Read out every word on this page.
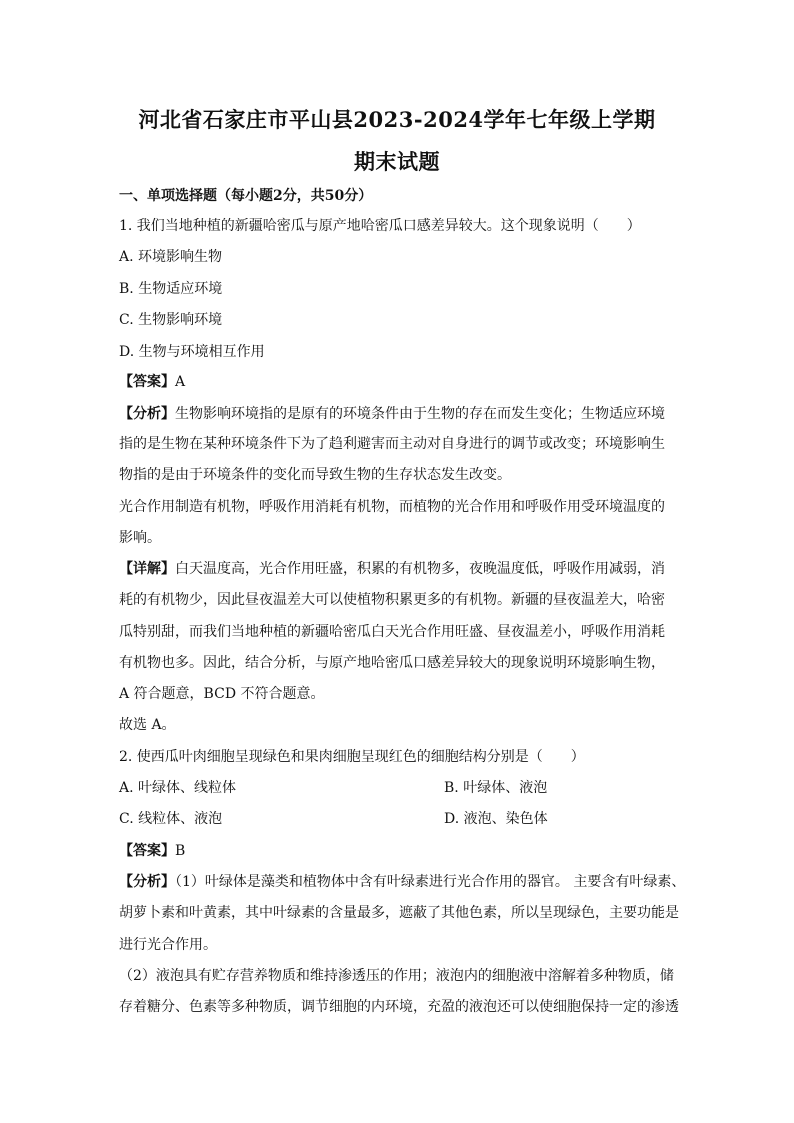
河北省石家庄市平山县2023-2024学年七年级上学期
期末试题
一、单项选择题（每小题2分，共50分）
1. 我们当地种植的新疆哈密瓜与原产地哈密瓜口感差异较大。这个现象说明（　　）
A. 环境影响生物
B. 生物适应环境
C. 生物影响环境
D. 生物与环境相互作用
【答案】A
【分析】生物影响环境指的是原有的环境条件由于生物的存在而发生变化；生物适应环境
指的是生物在某种环境条件下为了趋利避害而主动对自身进行的调节或改变；环境影响生
物指的是由于环境条件的变化而导致生物的生存状态发生改变。
光合作用制造有机物，呼吸作用消耗有机物，而植物的光合作用和呼吸作用受环境温度的
影响。
【详解】白天温度高，光合作用旺盛，积累的有机物多，夜晚温度低，呼吸作用减弱，消
耗的有机物少，因此昼夜温差大可以使植物积累更多的有机物。新疆的昼夜温差大，哈密
瓜特别甜，而我们当地种植的新疆哈密瓜白天光合作用旺盛、昼夜温差小，呼吸作用消耗
有机物也多。因此，结合分析，与原产地哈密瓜口感差异较大的现象说明环境影响生物，
A 符合题意，BCD 不符合题意。
故选 A。
2. 使西瓜叶肉细胞呈现绿色和果肉细胞呈现红色的细胞结构分别是（　　）
A. 叶绿体、线粒体	B. 叶绿体、液泡
C. 线粒体、液泡	D. 液泡、染色体
【答案】B
【分析】（1）叶绿体是藻类和植物体中含有叶绿素进行光合作用的器官。 主要含有叶绿素、
胡萝卜素和叶黄素，其中叶绿素的含量最多，遮蔽了其他色素，所以呈现绿色，主要功能是
进行光合作用。
（2）液泡具有贮存营养物质和维持渗透压的作用；液泡内的细胞液中溶解着多种物质，储
存着糖分、色素等多种物质，调节细胞的内环境，充盈的液泡还可以使细胞保持一定的渗透
